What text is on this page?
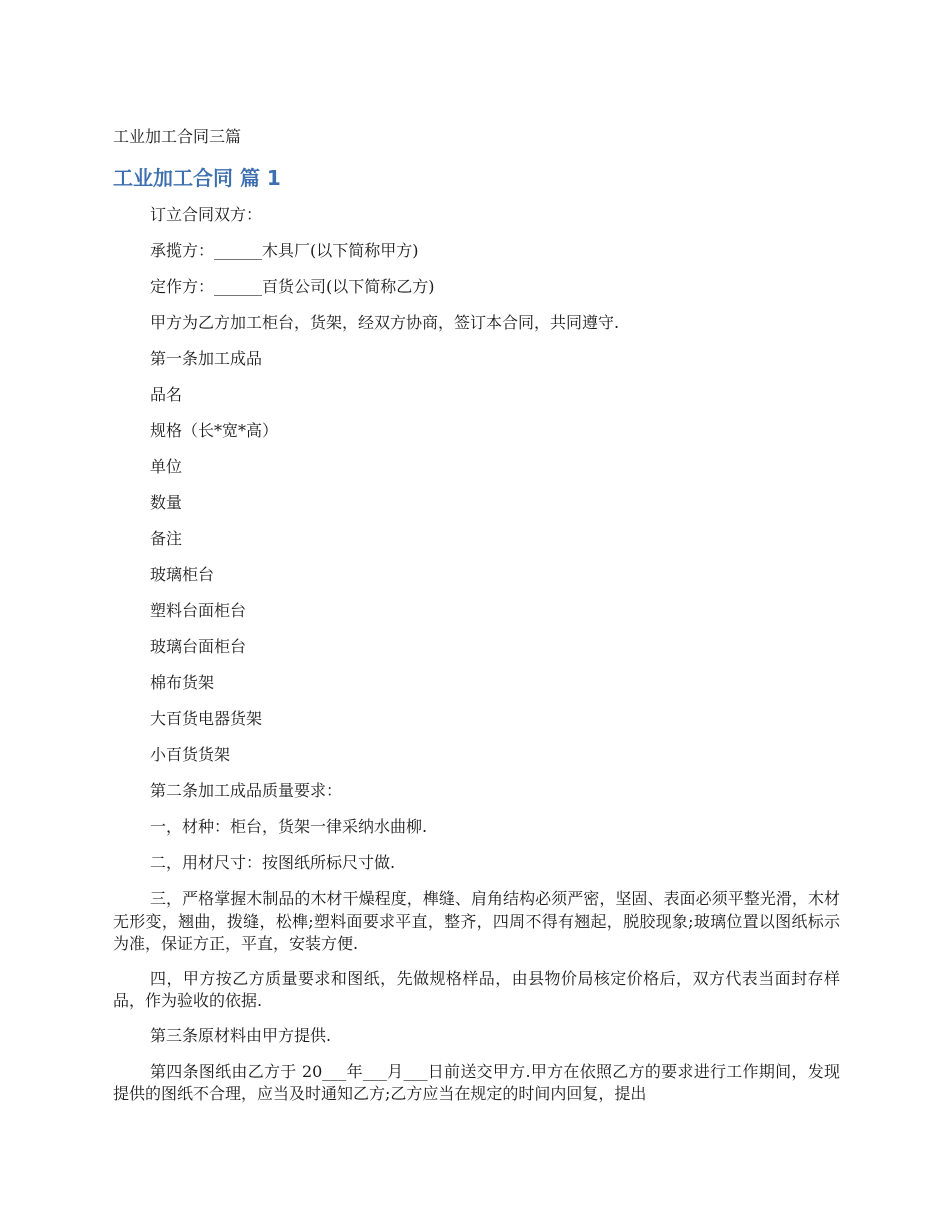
工业加工合同三篇
工业加工合同 篇 1

订立合同双方：

承揽方：______木具厂(以下简称甲方)

定作方：______百货公司(以下简称乙方)

甲方为乙方加工柜台，货架，经双方协商，签订本合同，共同遵守.

第一条加工成品

品名

规格（长*宽*高）

单位

数量

备注

玻璃柜台

塑料台面柜台

玻璃台面柜台

棉布货架

大百货电器货架

小百货货架

第二条加工成品质量要求：

一，材种：柜台，货架一律采纳水曲柳.

二，用材尺寸：按图纸所标尺寸做.

三，严格掌握木制品的木材干燥程度，榫缝、肩角结构必须严密，坚固、表面必须平整光滑，木材无形变，翘曲，拨缝，松榫;塑料面要求平直，整齐，四周不得有翘起，脱胶现象;玻璃位置以图纸标示为准，保证方正，平直，安装方便.

四，甲方按乙方质量要求和图纸，先做规格样品，由县物价局核定价格后，双方代表当面封存样品，作为验收的依据.

第三条原材料由甲方提供.

第四条图纸由乙方于 20___年___月___日前送交甲方.甲方在依照乙方的要求进行工作期间，发现提供的图纸不合理，应当及时通知乙方;乙方应当在规定的时间内回复，提出
